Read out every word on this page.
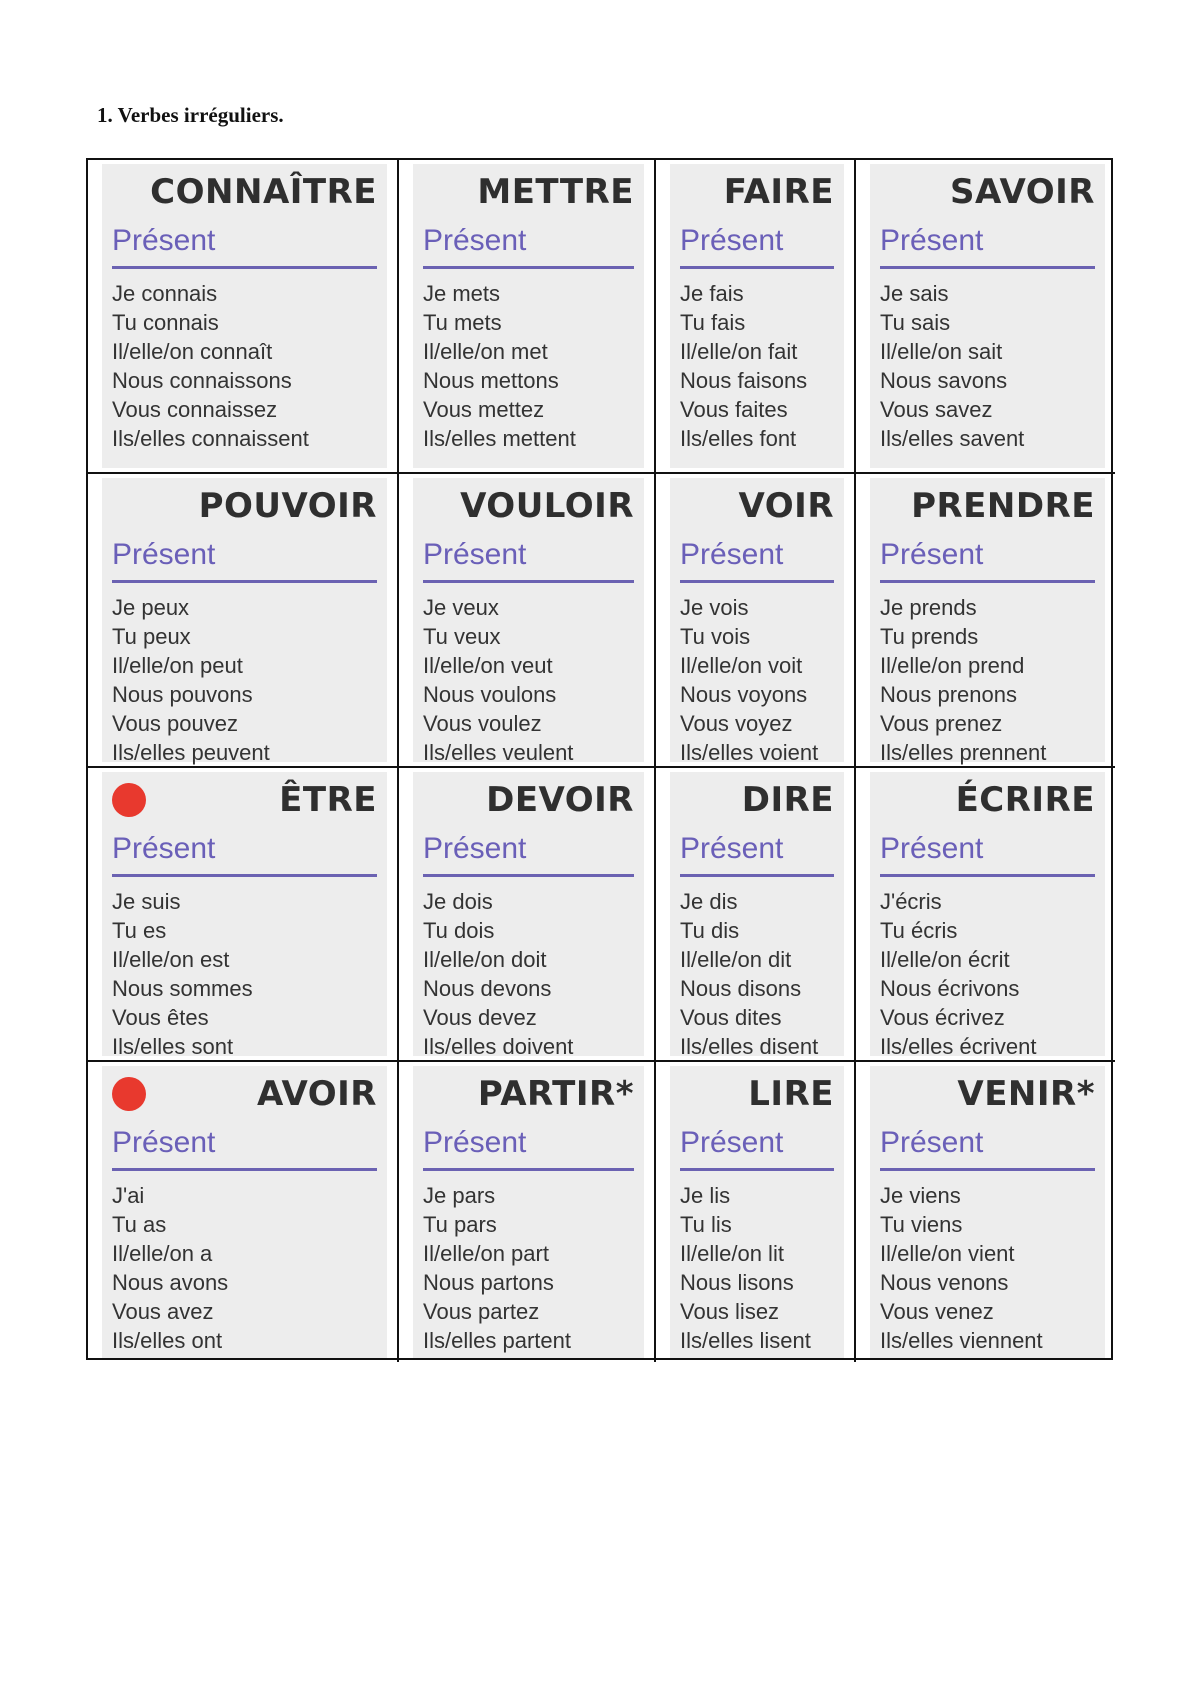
1. Verbes irréguliers.
CONNAÎTRE
Présent
Je connais
Tu connais
Il/elle/on connaît
Nous connaissons
Vous connaissez
Ils/elles connaissent
METTRE
Présent
Je mets
Tu mets
Il/elle/on met
Nous mettons
Vous mettez
Ils/elles mettent
FAIRE
Présent
Je fais
Tu fais
Il/elle/on fait
Nous faisons
Vous faites
Ils/elles font
SAVOIR
Présent
Je sais
Tu sais
Il/elle/on sait
Nous savons
Vous savez
Ils/elles savent
POUVOIR
Présent
Je peux
Tu peux
Il/elle/on peut
Nous pouvons
Vous pouvez
Ils/elles peuvent
VOULOIR
Présent
Je veux
Tu veux
Il/elle/on veut
Nous voulons
Vous voulez
Ils/elles veulent
VOIR
Présent
Je vois
Tu vois
Il/elle/on voit
Nous voyons
Vous voyez
Ils/elles voient
PRENDRE
Présent
Je prends
Tu prends
Il/elle/on prend
Nous prenons
Vous prenez
Ils/elles prennent
ÊTRE
Présent
Je suis
Tu es
Il/elle/on est
Nous sommes
Vous êtes
Ils/elles sont
DEVOIR
Présent
Je dois
Tu dois
Il/elle/on doit
Nous devons
Vous devez
Ils/elles doivent
DIRE
Présent
Je dis
Tu dis
Il/elle/on dit
Nous disons
Vous dites
Ils/elles disent
ÉCRIRE
Présent
J'écris
Tu écris
Il/elle/on écrit
Nous écrivons
Vous écrivez
Ils/elles écrivent
AVOIR
Présent
J'ai
Tu as
Il/elle/on a
Nous avons
Vous avez
Ils/elles ont
PARTIR*
Présent
Je pars
Tu pars
Il/elle/on part
Nous partons
Vous partez
Ils/elles partent
LIRE
Présent
Je lis
Tu lis
Il/elle/on lit
Nous lisons
Vous lisez
Ils/elles lisent
VENIR*
Présent
Je viens
Tu viens
Il/elle/on vient
Nous venons
Vous venez
Ils/elles viennent
